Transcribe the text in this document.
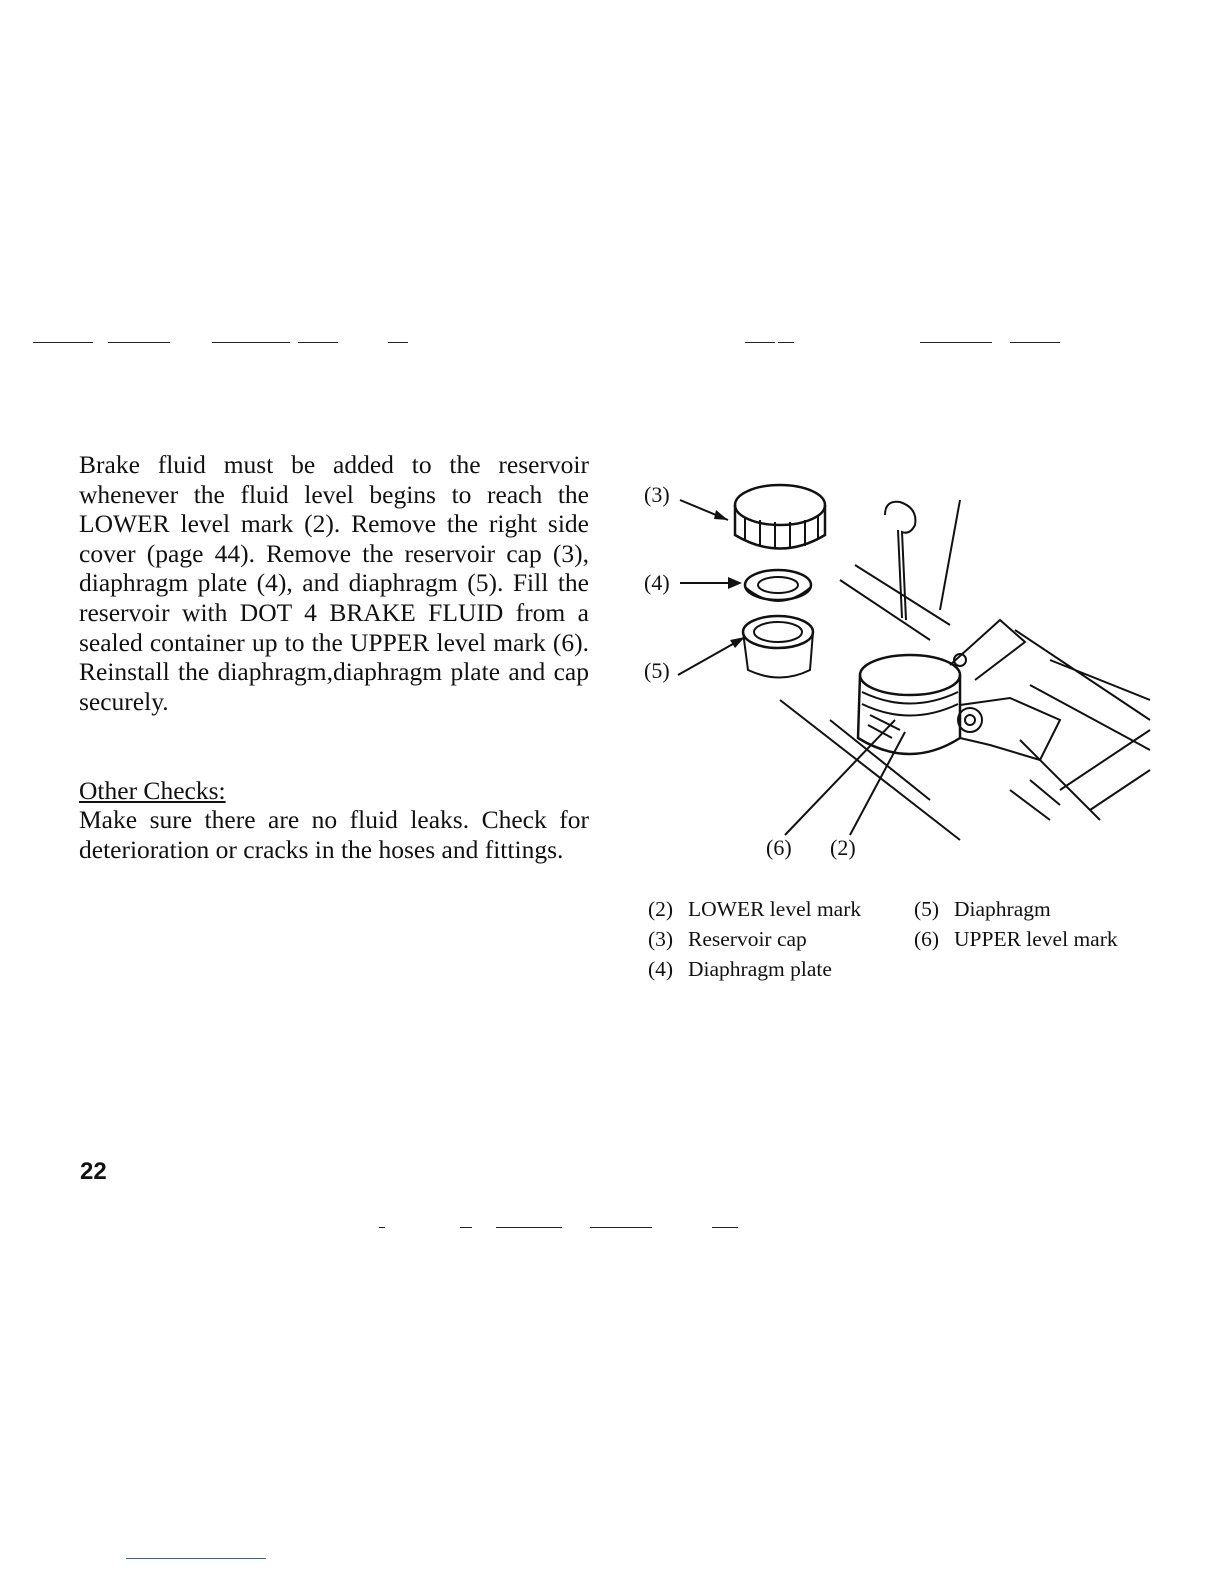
Brake fluid must be added to the reservoir whenever the fluid level begins to reach the LOWER level mark (2). Remove the right side cover (page 44). Remove the reservoir cap (3), diaphragm plate (4), and diaphragm (5). Fill the reservoir with DOT 4 BRAKE FLUID from a sealed container up to the UPPER level mark (6). Reinstall the diaphragm,diaphragm plate and cap securely.

Other Checks:
Make sure there are no fluid leaks. Check for deterioration or cracks in the hoses and fittings.
(3)
(4)
(5)
(6) (2)
(2) LOWER level mark
(3) Reservoir cap
(4) Diaphragm plate
(5) Diaphragm
(6) UPPER level mark
22
